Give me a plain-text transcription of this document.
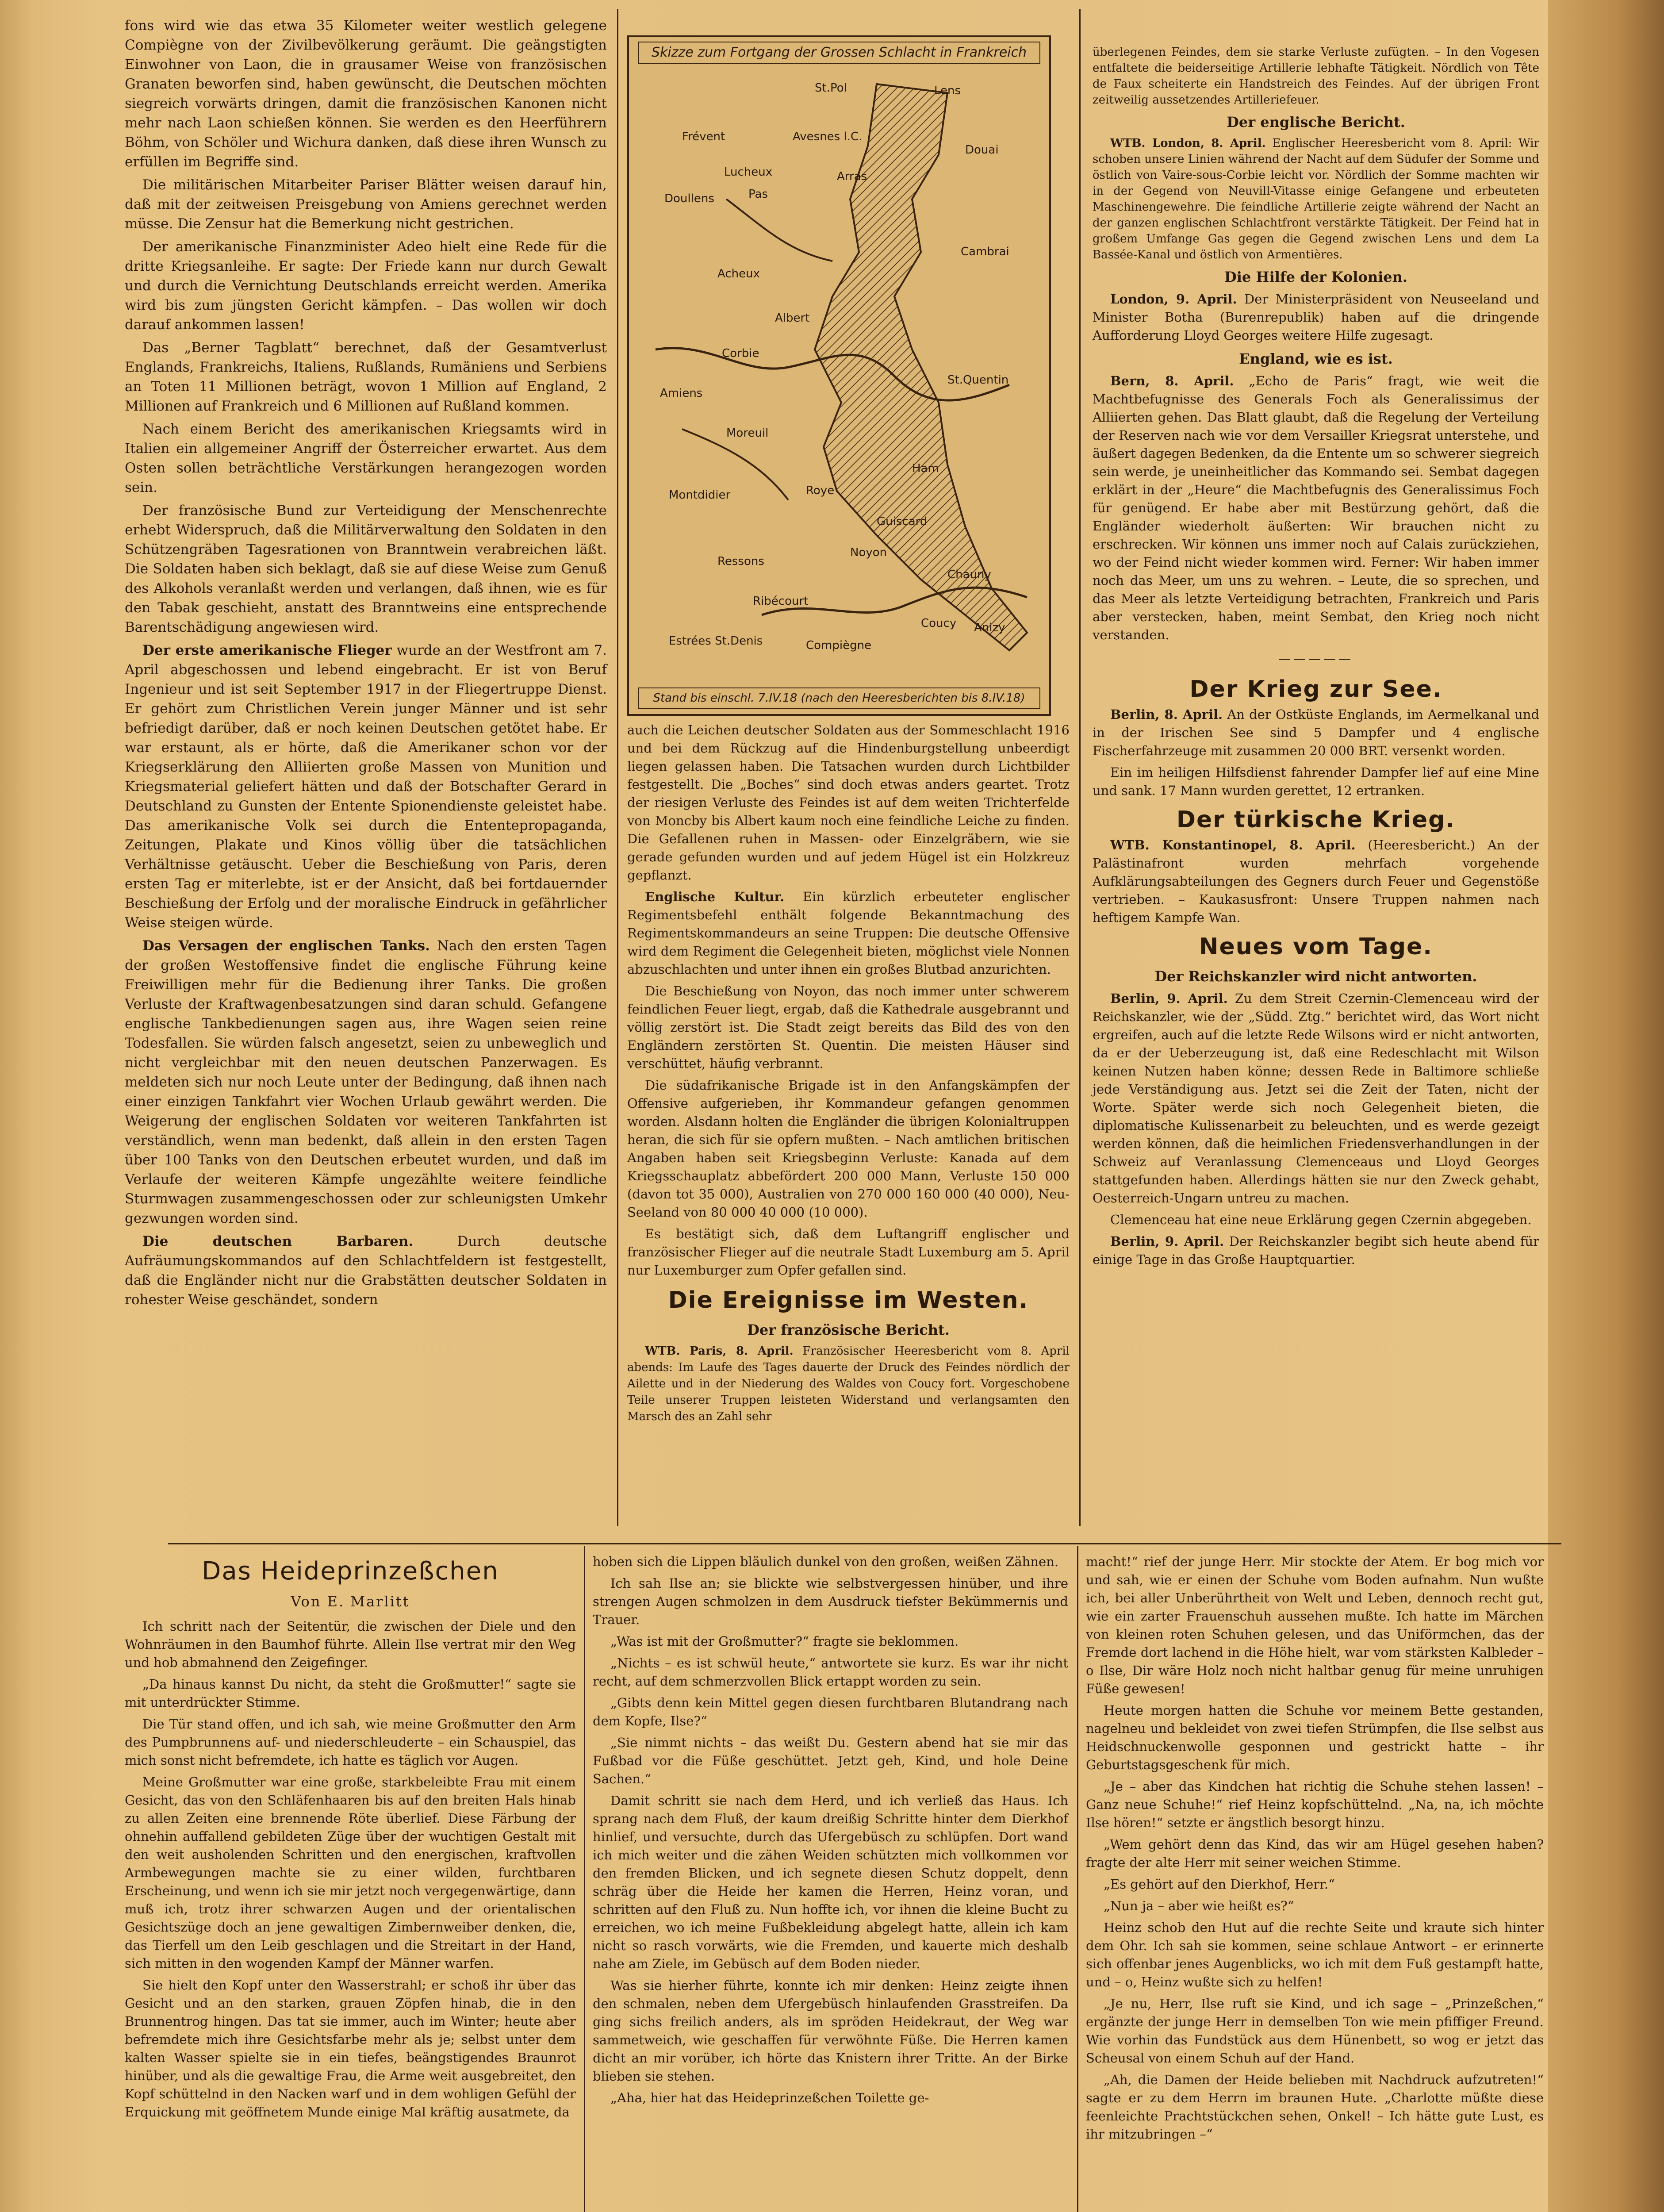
fons wird wie das etwa 35 Kilometer weiter westlich gelegene Compiègne von der Zivilbevölkerung geräumt. Die geängstigten Einwohner von Laon, die in grausamer Weise von französischen Granaten beworfen sind, haben gewünscht, die Deutschen möchten siegreich vorwärts dringen, damit die französischen Kanonen nicht mehr nach Laon schießen können. Sie werden es den Heerführern Böhm, von Schöler und Wichura danken, daß diese ihren Wunsch zu erfüllen im Begriffe sind.

Die militärischen Mitarbeiter Pariser Blätter weisen darauf hin, daß mit der zeitweisen Preisgebung von Amiens gerechnet werden müsse. Die Zensur hat die Bemerkung nicht gestrichen.

Der amerikanische Finanzminister Adeo hielt eine Rede für die dritte Kriegsanleihe. Er sagte: Der Friede kann nur durch Gewalt und durch die Vernichtung Deutschlands erreicht werden. Amerika wird bis zum jüngsten Gericht kämpfen. – Das wollen wir doch darauf ankommen lassen!

Das „Berner Tagblatt“ berechnet, daß der Gesamtverlust Englands, Frankreichs, Italiens, Rußlands, Rumäniens und Serbiens an Toten 11 Millionen beträgt, wovon 1 Million auf England, 2 Millionen auf Frankreich und 6 Millionen auf Rußland kommen.

Nach einem Bericht des amerikanischen Kriegsamts wird in Italien ein allgemeiner Angriff der Österreicher erwartet. Aus dem Osten sollen beträchtliche Verstärkungen herangezogen worden sein.

Der französische Bund zur Verteidigung der Menschenrechte erhebt Widerspruch, daß die Militärverwaltung den Soldaten in den Schützengräben Tagesrationen von Branntwein verabreichen läßt. Die Soldaten haben sich beklagt, daß sie auf diese Weise zum Genuß des Alkohols veranlaßt werden und verlangen, daß ihnen, wie es für den Tabak geschieht, anstatt des Branntweins eine entsprechende Barentschädigung angewiesen wird.

Der erste amerikanische Flieger wurde an der Westfront am 7. April abgeschossen und lebend eingebracht. Er ist von Beruf Ingenieur und ist seit September 1917 in der Fliegertruppe Dienst. Er gehört zum Christlichen Verein junger Männer und ist sehr befriedigt darüber, daß er noch keinen Deutschen getötet habe. Er war erstaunt, als er hörte, daß die Amerikaner schon vor der Kriegserklärung den Alliierten große Massen von Munition und Kriegsmaterial geliefert hätten und daß der Botschafter Gerard in Deutschland zu Gunsten der Entente Spionendienste geleistet habe. Das amerikanische Volk sei durch die Ententepropaganda, Zeitungen, Plakate und Kinos völlig über die tatsächlichen Verhältnisse getäuscht. Ueber die Beschießung von Paris, deren ersten Tag er miterlebte, ist er der Ansicht, daß bei fortdauernder Beschießung der Erfolg und der moralische Eindruck in gefährlicher Weise steigen würde.

Das Versagen der englischen Tanks. Nach den ersten Tagen der großen Westoffensive findet die englische Führung keine Freiwilligen mehr für die Bedienung ihrer Tanks. Die großen Verluste der Kraftwagenbesatzungen sind daran schuld. Gefangene englische Tankbedienungen sagen aus, ihre Wagen seien reine Todesfallen. Sie würden falsch angesetzt, seien zu unbeweglich und nicht vergleichbar mit den neuen deutschen Panzerwagen. Es meldeten sich nur noch Leute unter der Bedingung, daß ihnen nach einer einzigen Tankfahrt vier Wochen Urlaub gewährt werden. Die Weigerung der englischen Soldaten vor weiteren Tankfahrten ist verständlich, wenn man bedenkt, daß allein in den ersten Tagen über 100 Tanks von den Deutschen erbeutet wurden, und daß im Verlaufe der weiteren Kämpfe ungezählte weitere feindliche Sturmwagen zusammengeschossen oder zur schleunigsten Umkehr gezwungen worden sind.

Die deutschen Barbaren. Durch deutsche Aufräumungskommandos auf den Schlachtfeldern ist festgestellt, daß die Engländer nicht nur die Grabstätten deutscher Soldaten in rohester Weise geschändet, sondern

Skizze zum Fortgang der Grossen Schlacht in Frankreich
St.Pol	Lens
Frévent	Avesnes l.C.
Douai
Arras
Lucheux
Pas
Doullens
Cambrai
Acheux
Albert
Corbie
Amiens
Moreuil
Montdidier	Roye
Noyon
Chauny
Ressons
Ribécourt
Compiègne
Anizy
Coucy
Estrées St.Denis
Guiscard
St.Quentin
Ham
Stand bis einschl. 7.IV.18 (nach den Heeresberichten bis 8.IV.18)

auch die Leichen deutscher Soldaten aus der Sommeschlacht 1916 und bei dem Rückzug auf die Hindenburgstellung unbeerdigt liegen gelassen haben. Die Tatsachen wurden durch Lichtbilder festgestellt. Die „Boches“ sind doch etwas anders geartet. Trotz der riesigen Verluste des Feindes ist auf dem weiten Trichterfelde von Moncby bis Albert kaum noch eine feindliche Leiche zu finden. Die Gefallenen ruhen in Massen- oder Einzelgräbern, wie sie gerade gefunden wurden und auf jedem Hügel ist ein Holzkreuz gepflanzt.

Englische Kultur. Ein kürzlich erbeuteter englischer Regimentsbefehl enthält folgende Bekanntmachung des Regimentskommandeurs an seine Truppen: Die deutsche Offensive wird dem Regiment die Gelegenheit bieten, möglichst viele Nonnen abzuschlachten und unter ihnen ein großes Blutbad anzurichten.

Die Beschießung von Noyon, das noch immer unter schwerem feindlichen Feuer liegt, ergab, daß die Kathedrale ausgebrannt und völlig zerstört ist. Die Stadt zeigt bereits das Bild des von den Engländern zerstörten St. Quentin. Die meisten Häuser sind verschüttet, häufig verbrannt.

Die südafrikanische Brigade ist in den Anfangskämpfen der Offensive aufgerieben, ihr Kommandeur gefangen genommen worden. Alsdann holten die Engländer die übrigen Kolonialtruppen heran, die sich für sie opfern mußten. – Nach amtlichen britischen Angaben haben seit Kriegsbeginn Verluste: Kanada auf dem Kriegsschauplatz abbefördert 200 000 Mann, Verluste 150 000 (davon tot 35 000), Australien von 270 000 160 000 (40 000), Neu-Seeland von 80 000 40 000 (10 000).

Es bestätigt sich, daß dem Luftangriff englischer und französischer Flieger auf die neutrale Stadt Luxemburg am 5. April nur Luxemburger zum Opfer gefallen sind.

Die Ereignisse im Westen.
Der französische Bericht.

WTB. Paris, 8. April. Französischer Heeresbericht vom 8. April abends: Im Laufe des Tages dauerte der Druck des Feindes nördlich der Ailette und in der Niederung des Waldes von Coucy fort. Vorgeschobene Teile unserer Truppen leisteten Widerstand und verlangsamten den Marsch des an Zahl sehr

überlegenen Feindes, dem sie starke Verluste zufügten. – In den Vogesen entfaltete die beiderseitige Artillerie lebhafte Tätigkeit. Nördlich von Tête de Faux scheiterte ein Handstreich des Feindes. Auf der übrigen Front zeitweilig aussetzendes Artilleriefeuer.

Der englische Bericht.

WTB. London, 8. April. Englischer Heeresbericht vom 8. April: Wir schoben unsere Linien während der Nacht auf dem Südufer der Somme und östlich von Vaire-sous-Corbie leicht vor. Nördlich der Somme machten wir in der Gegend von Neuvill-Vitasse einige Gefangene und erbeuteten Maschinengewehre. Die feindliche Artillerie zeigte während der Nacht an der ganzen englischen Schlachtfront verstärkte Tätigkeit. Der Feind hat in großem Umfange Gas gegen die Gegend zwischen Lens und dem La Bassée-Kanal und östlich von Armentières.

Die Hilfe der Kolonien.

London, 9. April. Der Ministerpräsident von Neuseeland und Minister Botha (Burenrepublik) haben auf die dringende Aufforderung Lloyd Georges weitere Hilfe zugesagt.

England, wie es ist.

Bern, 8. April. „Echo de Paris“ fragt, wie weit die Machtbefugnisse des Generals Foch als Generalissimus der Alliierten gehen. Das Blatt glaubt, daß die Regelung der Verteilung der Reserven nach wie vor dem Versailler Kriegsrat unterstehe, und äußert dagegen Bedenken, da die Entente um so schwerer siegreich sein werde, je uneinheitlicher das Kommando sei. Sembat dagegen erklärt in der „Heure“ die Machtbefugnis des Generalissimus Foch für genügend. Er habe aber mit Bestürzung gehört, daß die Engländer wiederholt äußerten: Wir brauchen nicht zu erschrecken. Wir können uns immer noch auf Calais zurückziehen, wo der Feind nicht wieder kommen wird. Ferner: Wir haben immer noch das Meer, um uns zu wehren. – Leute, die so sprechen, und das Meer als letzte Verteidigung betrachten, Frankreich und Paris aber verstecken, haben, meint Sembat, den Krieg noch nicht verstanden.

—————
Der Krieg zur See.

Berlin, 8. April. An der Ostküste Englands, im Aermelkanal und in der Irischen See sind 5 Dampfer und 4 englische Fischerfahrzeuge mit zusammen 20 000 BRT. versenkt worden.

Ein im heiligen Hilfsdienst fahrender Dampfer lief auf eine Mine und sank. 17 Mann wurden gerettet, 12 ertranken.

Der türkische Krieg.

WTB. Konstantinopel, 8. April. (Heeresbericht.) An der Palästinafront wurden mehrfach vorgehende Aufklärungsabteilungen des Gegners durch Feuer und Gegenstöße vertrieben. – Kaukasusfront: Unsere Truppen nahmen nach heftigem Kampfe Wan.

Neues vom Tage.
Der Reichskanzler wird nicht antworten.

Berlin, 9. April. Zu dem Streit Czernin-Clemenceau wird der Reichskanzler, wie der „Südd. Ztg.“ berichtet wird, das Wort nicht ergreifen, auch auf die letzte Rede Wilsons wird er nicht antworten, da er der Ueberzeugung ist, daß eine Redeschlacht mit Wilson keinen Nutzen haben könne; dessen Rede in Baltimore schließe jede Verständigung aus. Jetzt sei die Zeit der Taten, nicht der Worte. Später werde sich noch Gelegenheit bieten, die diplomatische Kulissenarbeit zu beleuchten, und es werde gezeigt werden können, daß die heimlichen Friedensverhandlungen in der Schweiz auf Veranlassung Clemenceaus und Lloyd Georges stattgefunden haben. Allerdings hätten sie nur den Zweck gehabt, Oesterreich-Ungarn untreu zu machen.

Clemenceau hat eine neue Erklärung gegen Czernin abgegeben.

Berlin, 9. April. Der Reichskanzler begibt sich heute abend für einige Tage in das Große Hauptquartier.

Das Heideprinzeßchen
Von E. Marlitt

Ich schritt nach der Seitentür, die zwischen der Diele und den Wohnräumen in den Baumhof führte. Allein Ilse vertrat mir den Weg und hob abmahnend den Zeigefinger.

„Da hinaus kannst Du nicht, da steht die Großmutter!“ sagte sie mit unterdrückter Stimme.

Die Tür stand offen, und ich sah, wie meine Großmutter den Arm des Pumpbrunnens auf- und niederschleuderte – ein Schauspiel, das mich sonst nicht befremdete, ich hatte es täglich vor Augen.

Meine Großmutter war eine große, starkbeleibte Frau mit einem Gesicht, das von den Schläfenhaaren bis auf den breiten Hals hinab zu allen Zeiten eine brennende Röte überlief. Diese Färbung der ohnehin auffallend gebildeten Züge über der wuchtigen Gestalt mit den weit ausholenden Schritten und den energischen, kraftvollen Armbewegungen machte sie zu einer wilden, furchtbaren Erscheinung, und wenn ich sie mir jetzt noch vergegenwärtige, dann muß ich, trotz ihrer schwarzen Augen und der orientalischen Gesichtszüge doch an jene gewaltigen Zimbernweiber denken, die, das Tierfell um den Leib geschlagen und die Streitart in der Hand, sich mitten in den wogenden Kampf der Männer warfen.

Sie hielt den Kopf unter den Wasserstrahl; er schoß ihr über das Gesicht und an den starken, grauen Zöpfen hinab, die in den Brunnentrog hingen. Das tat sie immer, auch im Winter; heute aber befremdete mich ihre Gesichtsfarbe mehr als je; selbst unter dem kalten Wasser spielte sie in ein tiefes, beängstigendes Braunrot hinüber, und als die gewaltige Frau, die Arme weit ausgebreitet, den Kopf schüttelnd in den Nacken warf und in dem wohligen Gefühl der Erquickung mit geöffnetem Munde einige Mal kräftig ausatmete, da

hoben sich die Lippen bläulich dunkel von den großen, weißen Zähnen.

Ich sah Ilse an; sie blickte wie selbstvergessen hinüber, und ihre strengen Augen schmolzen in dem Ausdruck tiefster Bekümmernis und Trauer.

„Was ist mit der Großmutter?“ fragte sie beklommen.

„Nichts – es ist schwül heute,“ antwortete sie kurz. Es war ihr nicht recht, auf dem schmerzvollen Blick ertappt worden zu sein.

„Gibts denn kein Mittel gegen diesen furchtbaren Blutandrang nach dem Kopfe, Ilse?“

„Sie nimmt nichts – das weißt Du. Gestern abend hat sie mir das Fußbad vor die Füße geschüttet. Jetzt geh, Kind, und hole Deine Sachen.“

Damit schritt sie nach dem Herd, und ich verließ das Haus. Ich sprang nach dem Fluß, der kaum dreißig Schritte hinter dem Dierkhof hinlief, und versuchte, durch das Ufergebüsch zu schlüpfen. Dort wand ich mich weiter und die zähen Weiden schützten mich vollkommen vor den fremden Blicken, und ich segnete diesen Schutz doppelt, denn schräg über die Heide her kamen die Herren, Heinz voran, und schritten auf den Fluß zu. Nun hoffte ich, vor ihnen die kleine Bucht zu erreichen, wo ich meine Fußbekleidung abgelegt hatte, allein ich kam nicht so rasch vorwärts, wie die Fremden, und kauerte mich deshalb nahe am Ziele, im Gebüsch auf dem Boden nieder.

Was sie hierher führte, konnte ich mir denken: Heinz zeigte ihnen den schmalen, neben dem Ufergebüsch hinlaufenden Grasstreifen. Da ging sichs freilich anders, als im spröden Heidekraut, der Weg war sammetweich, wie geschaffen für verwöhnte Füße. Die Herren kamen dicht an mir vorüber, ich hörte das Knistern ihrer Tritte. An der Birke blieben sie stehen.

„Aha, hier hat das Heideprinzeßchen Toilette ge-

macht!“ rief der junge Herr. Mir stockte der Atem. Er bog mich vor und sah, wie er einen der Schuhe vom Boden aufnahm. Nun wußte ich, bei aller Unberührtheit von Welt und Leben, dennoch recht gut, wie ein zarter Frauenschuh aussehen mußte. Ich hatte im Märchen von kleinen roten Schuhen gelesen, und das Uniförmchen, das der Fremde dort lachend in die Höhe hielt, war vom stärksten Kalbleder – o Ilse, Dir wäre Holz noch nicht haltbar genug für meine unruhigen Füße gewesen!

Heute morgen hatten die Schuhe vor meinem Bette gestanden, nagelneu und bekleidet von zwei tiefen Strümpfen, die Ilse selbst aus Heidschnuckenwolle gesponnen und gestrickt hatte – ihr Geburtstagsgeschenk für mich.

„Je – aber das Kindchen hat richtig die Schuhe stehen lassen! – Ganz neue Schuhe!“ rief Heinz kopfschüttelnd. „Na, na, ich möchte Ilse hören!“ setzte er ängstlich besorgt hinzu.

„Wem gehört denn das Kind, das wir am Hügel gesehen haben? fragte der alte Herr mit seiner weichen Stimme.

„Es gehört auf den Dierkhof, Herr.“

„Nun ja – aber wie heißt es?“

Heinz schob den Hut auf die rechte Seite und kraute sich hinter dem Ohr. Ich sah sie kommen, seine schlaue Antwort – er erinnerte sich offenbar jenes Augenblicks, wo ich mit dem Fuß gestampft hatte, und – o, Heinz wußte sich zu helfen!

„Je nu, Herr, Ilse ruft sie Kind, und ich sage – „Prinzeßchen,“ ergänzte der junge Herr in demselben Ton wie mein pfiffiger Freund. Wie vorhin das Fundstück aus dem Hünenbett, so wog er jetzt das Scheusal von einem Schuh auf der Hand.

„Ah, die Damen der Heide belieben mit Nachdruck aufzutreten!“ sagte er zu dem Herrn im braunen Hute. „Charlotte müßte diese feenleichte Prachtstückchen sehen, Onkel! – Ich hätte gute Lust, es ihr mitzubringen –“
